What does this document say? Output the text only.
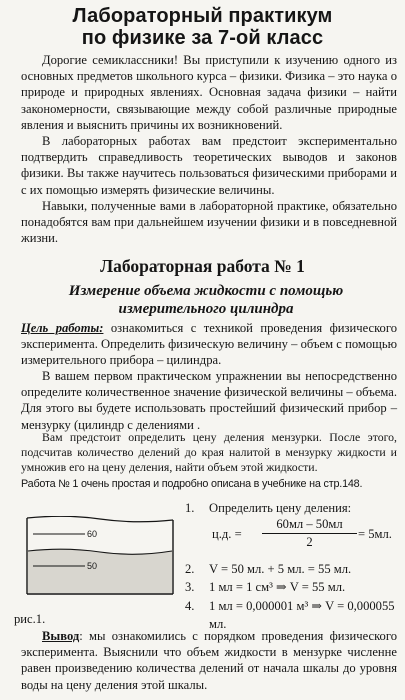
Лабораторный практикум
по физике за 7-ой класс
Дорогие семиклассники! Вы приступили к изучению одного из основных предметов школьного курса – физики. Физика – это наука о природе и природных явлениях. Основная задача физики – найти закономерности, связывающие между собой различные природные явления и выяснить причины их возникновений.
В лабораторных работах вам предстоит экспериментально подтвердить справедливость теоретических выводов и законов физики. Вы также научитесь пользоваться физическими приборами и с их помощью измерять физические величины.
Навыки, полученные вами в лабораторной практике, обязательно понадобятся вам при дальнейшем изучении физики и в повседневной жизни.
Лабораторная работа № 1
Измерение объема жидкости с помощью измерительного цилиндра
Цель работы: ознакомиться с техникой проведения физического эксперимента. Определить физическую величину – объем с помощью измерительного прибора – цилиндра.
В вашем первом практическом упражнении вы непосредственно определите количественное значение физической величины – объема. Для этого вы будете использовать простейший физический прибор – мензурку (цилиндр с делениями .
Вам предстоит определить цену деления мензурки. После этого, подсчитав количество делений до края налитой в мензурку жидкости и умножив его на цену деления, найти объем этой жидкости.
Работа № 1 очень простая и подробно описана в учебнике на стр.148.
60
50
1. Определить цену деления:
2. V = 50 мл. + 5 мл. = 55 мл.
3. 1 мл = 1 см³ ⇒ V = 55 мл.
4. 1 мл = 0,000001 м³ ⇒ V = 0,000055 мл.
ц.д. =
60мл – 50мл
2
= 5мл.
рис.1.
Вывод: мы ознакомились с порядком проведения физического эксперимента. Выяснили что объем жидкости в мензурке численне равен произведению количества делений от начала шкалы до уровня воды на цену деления этой шкалы.
